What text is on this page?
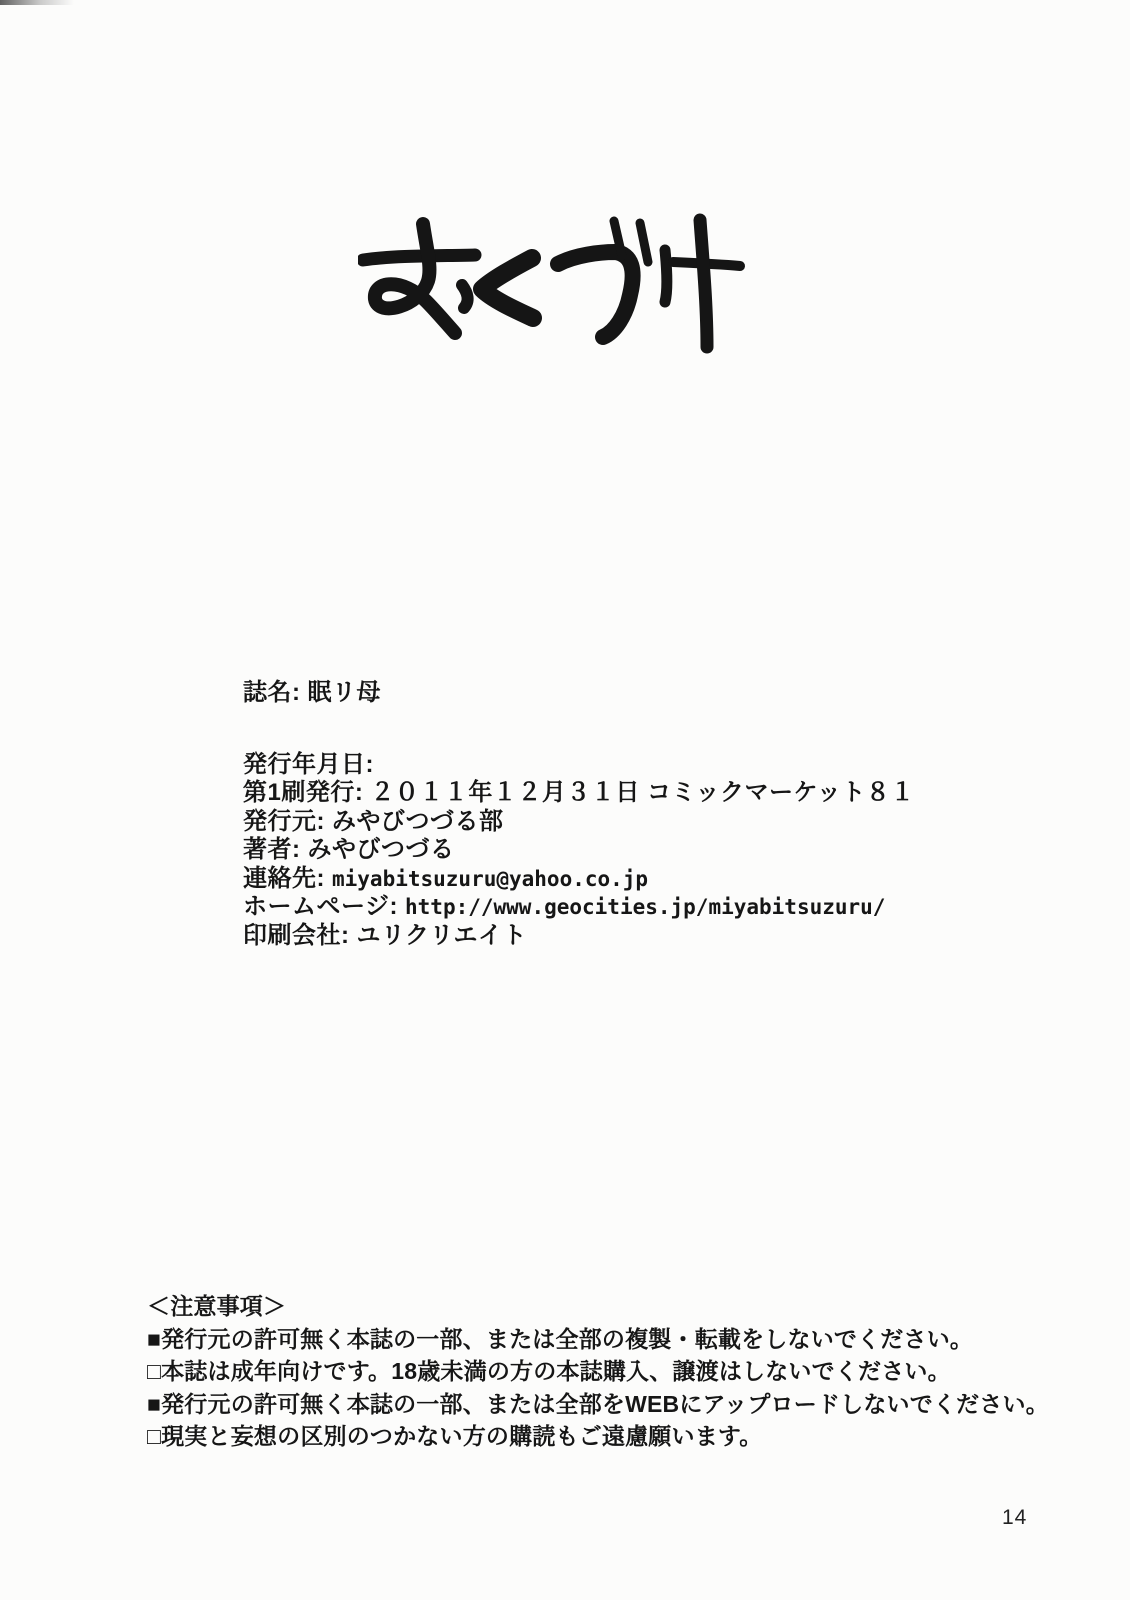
誌名: 眠リ母
発行年月日:
第1刷発行: ２０１１年１２月３１日 コミックマーケット８１
発行元: みやびつづる部
著者: みやびつづる
連絡先: miyabitsuzuru@yahoo.co.jp
ホームページ: http://www.geocities.jp/miyabitsuzuru/
印刷会社: ユリクリエイト
＜注意事項＞
■発行元の許可無く本誌の一部、または全部の複製・転載をしないでください。
□本誌は成年向けです。18歳未満の方の本誌購入、譲渡はしないでください。
■発行元の許可無く本誌の一部、または全部をWEBにアップロードしないでください。
□現実と妄想の区別のつかない方の購読もご遠慮願います。
14
